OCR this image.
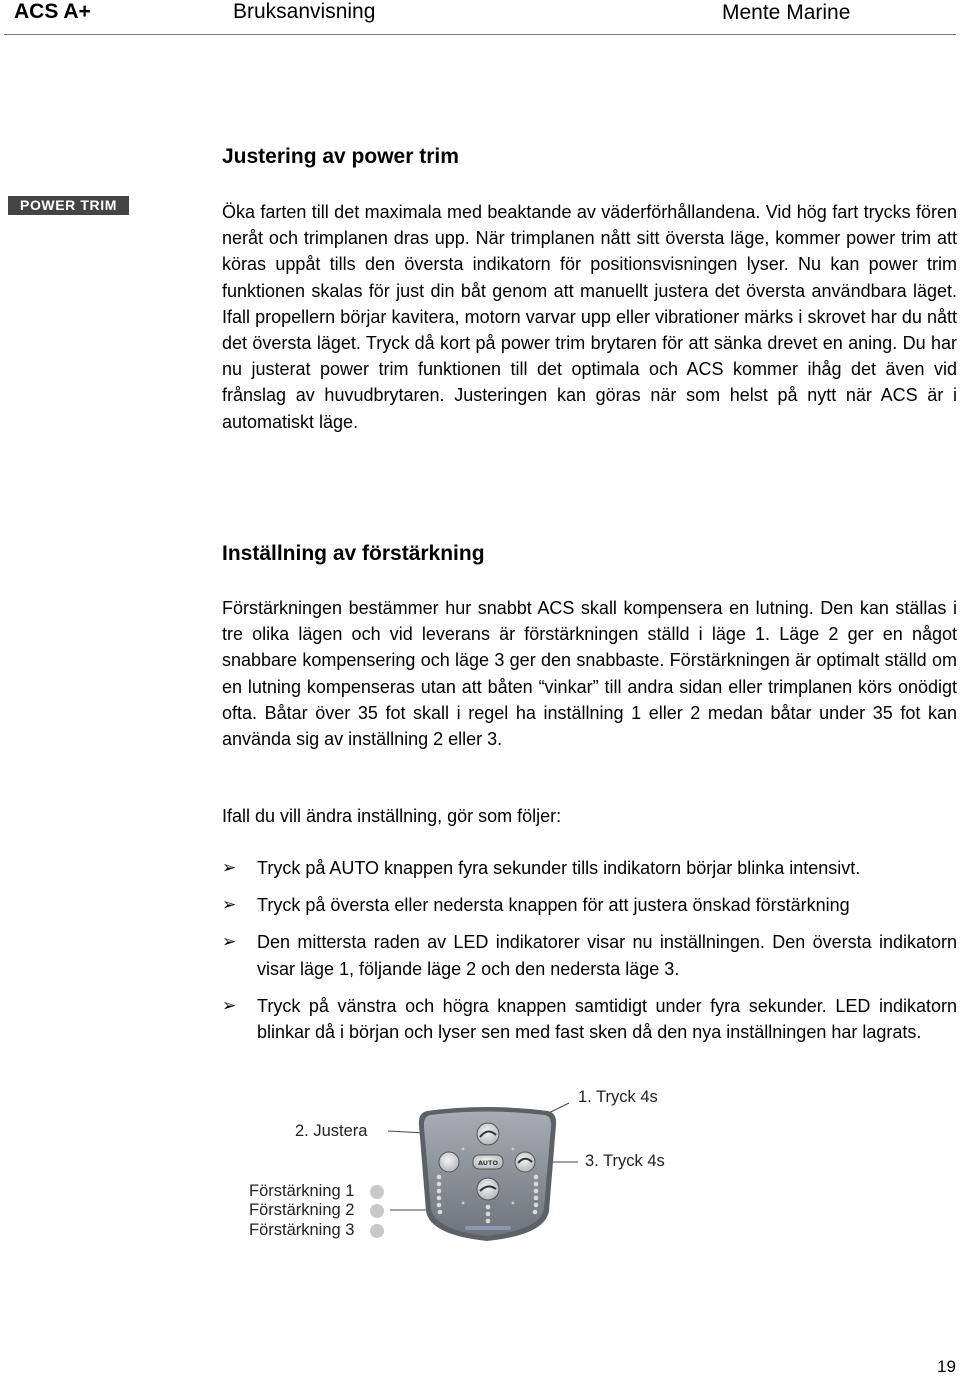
ACS A+	Bruksanvisning	Mente Marine
Justering av power trim
POWER TRIM	Öka farten till det maximala med beaktande av väderförhållandena. Vid hög fart trycks fören neråt och trimplanen dras upp. När trimplanen nått sitt översta läge, kommer power trim att köras uppåt tills den översta indikatorn för positionsvisningen lyser. Nu kan power trim funktionen skalas för just din båt genom att manuellt justera det översta användbara läget. Ifall propellern börjar kavitera, motorn varvar upp eller vibrationer märks i skrovet har du nått det översta läget. Tryck då kort på power trim brytaren för att sänka drevet en aning. Du har nu justerat power trim funktionen till det optimala och ACS kommer ihåg det även vid frånslag av huvudbrytaren. Justeringen kan göras när som helst på nytt när ACS är i automatiskt läge.

Inställning av förstärkning

Förstärkningen bestämmer hur snabbt ACS skall kompensera en lutning. Den kan ställas i tre olika lägen och vid leverans är förstärkningen ställd i läge 1. Läge 2 ger en något snabbare kompensering och läge 3 ger den snabbaste. Förstärkningen är optimalt ställd om en lutning kompenseras utan att båten “vinkar” till andra sidan eller trimplanen körs onödigt ofta. Båtar över 35 fot skall i regel ha inställning 1 eller 2 medan båtar under 35 fot kan använda sig av inställning 2 eller 3.

Ifall du vill ändra inställning, gör som följer:

➢ Tryck på AUTO knappen fyra sekunder tills indikatorn börjar blinka intensivt.
➢ Tryck på översta eller nedersta knappen för att justera önskad förstärkning
➢ Den mittersta raden av LED indikatorer visar nu inställningen. Den översta indikatorn visar läge 1, följande läge 2 och den nedersta läge 3.
➢ Tryck på vänstra och högra knappen samtidigt under fyra sekunder. LED indikatorn blinkar då i början och lyser sen med fast sken då den nya inställningen har lagrats.
1. Tryck 4s
2. Justera
3. Tryck 4s
Förstärkning 1
Förstärkning 2
Förstärkning 3
AUTO
19
